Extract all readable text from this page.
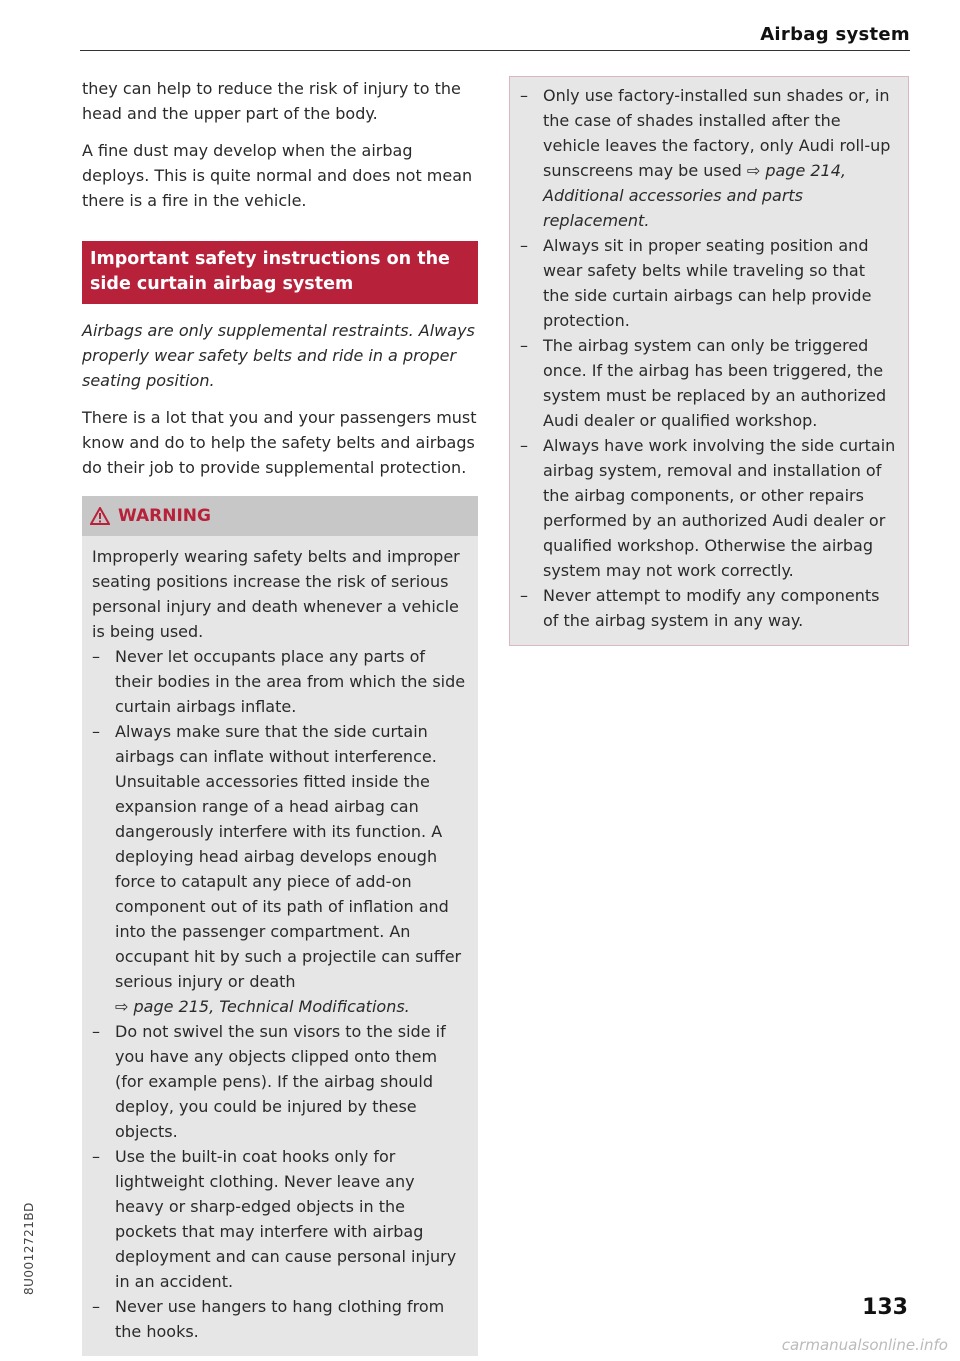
Airbag system

they can help to reduce the risk of injury to the head and the upper part of the body.

A fine dust may develop when the airbag deploys. This is quite normal and does not mean there is a fire in the vehicle.

Important safety instructions on the side curtain airbag system

Airbags are only supplemental restraints. Always properly wear safety belts and ride in a proper seating position.

There is a lot that you and your passengers must know and do to help the safety belts and airbags do their job to provide supplemental protection.

WARNING

Improperly wearing safety belts and improper seating positions increase the risk of serious personal injury and death whenever a vehicle is being used.

– Never let occupants place any parts of their bodies in the area from which the side curtain airbags inflate.
– Always make sure that the side curtain airbags can inflate without interference. Unsuitable accessories fitted inside the expansion range of a head airbag can dangerously interfere with its function. A deploying head airbag develops enough force to catapult any piece of add-on component out of its path of inflation and into the passenger compartment. An occupant hit by such a projectile can suffer serious injury or death
⇨ page 215, Technical Modifications.
– Do not swivel the sun visors to the side if you have any objects clipped onto them (for example pens). If the airbag should deploy, you could be injured by these objects.
– Use the built-in coat hooks only for lightweight clothing. Never leave any heavy or sharp-edged objects in the pockets that may interfere with airbag deployment and can cause personal injury in an accident.
– Never use hangers to hang clothing from the hooks.
– Only use factory-installed sun shades or, in the case of shades installed after the vehicle leaves the factory, only Audi roll-up sunscreens may be used ⇨ page 214, Additional accessories and parts replacement.
– Always sit in proper seating position and wear safety belts while traveling so that the side curtain airbags can help provide protection.
– The airbag system can only be triggered once. If the airbag has been triggered, the system must be replaced by an authorized Audi dealer or qualified workshop.
– Always have work involving the side curtain airbag system, removal and installation of the airbag components, or other repairs performed by an authorized Audi dealer or qualified workshop. Otherwise the airbag system may not work correctly.
– Never attempt to modify any components of the airbag system in any way.
8U0012721BD
133
carmanualsonline.info
